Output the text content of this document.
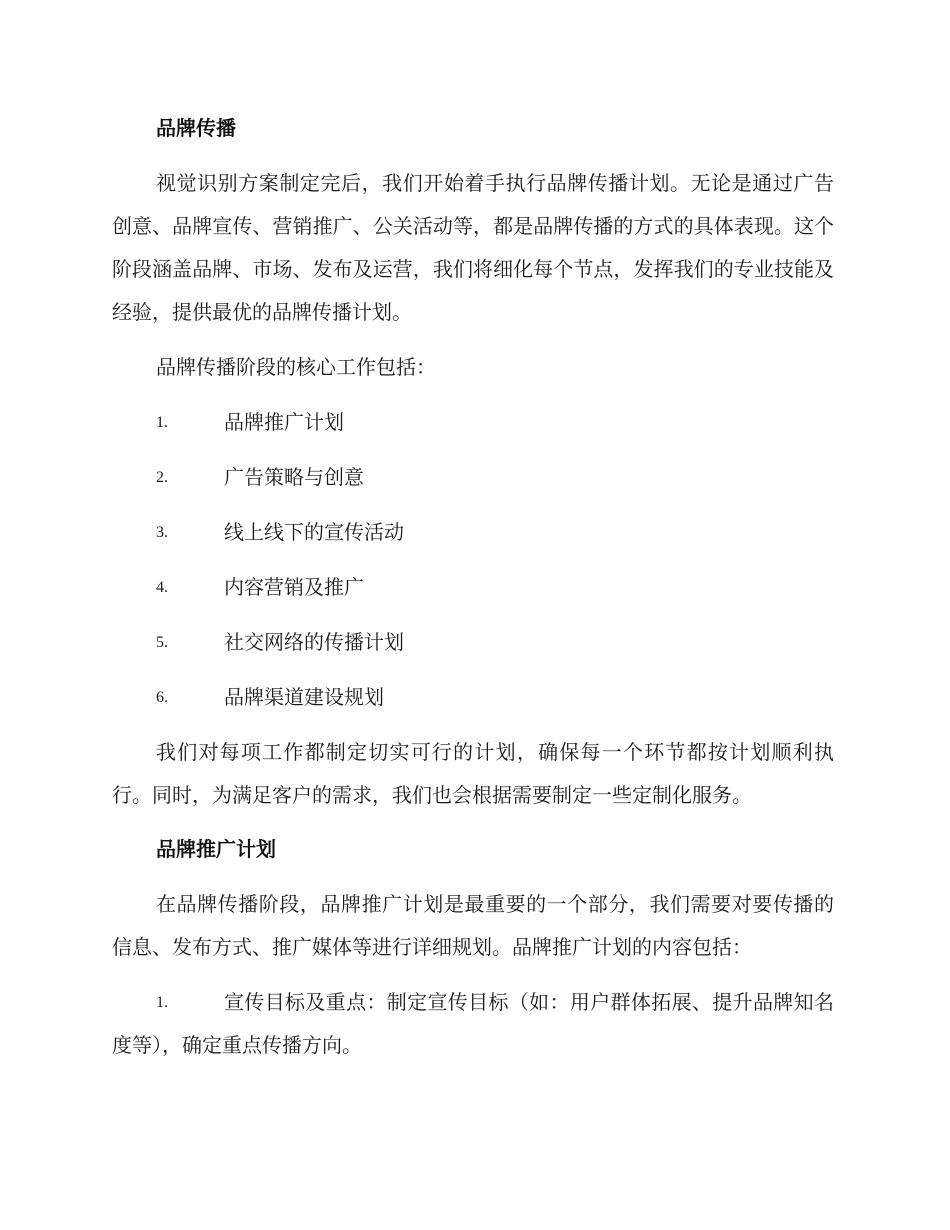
品牌传播

视觉识别方案制定完后，我们开始着手执行品牌传播计划。无论是通过广告创意、品牌宣传、营销推广、公关活动等，都是品牌传播的方式的具体表现。这个阶段涵盖品牌、市场、发布及运营，我们将细化每个节点，发挥我们的专业技能及经验，提供最优的品牌传播计划。

品牌传播阶段的核心工作包括：

1.	品牌推广计划
2.	广告策略与创意
3.	线上线下的宣传活动
4.	内容营销及推广
5.	社交网络的传播计划
6.	品牌渠道建设规划

我们对每项工作都制定切实可行的计划，确保每一个环节都按计划顺利执行。同时，为满足客户的需求，我们也会根据需要制定一些定制化服务。

品牌推广计划

在品牌传播阶段，品牌推广计划是最重要的一个部分，我们需要对要传播的信息、发布方式、推广媒体等进行详细规划。品牌推广计划的内容包括：

1.	宣传目标及重点：制定宣传目标（如：用户群体拓展、提升品牌知名度等），确定重点传播方向。
